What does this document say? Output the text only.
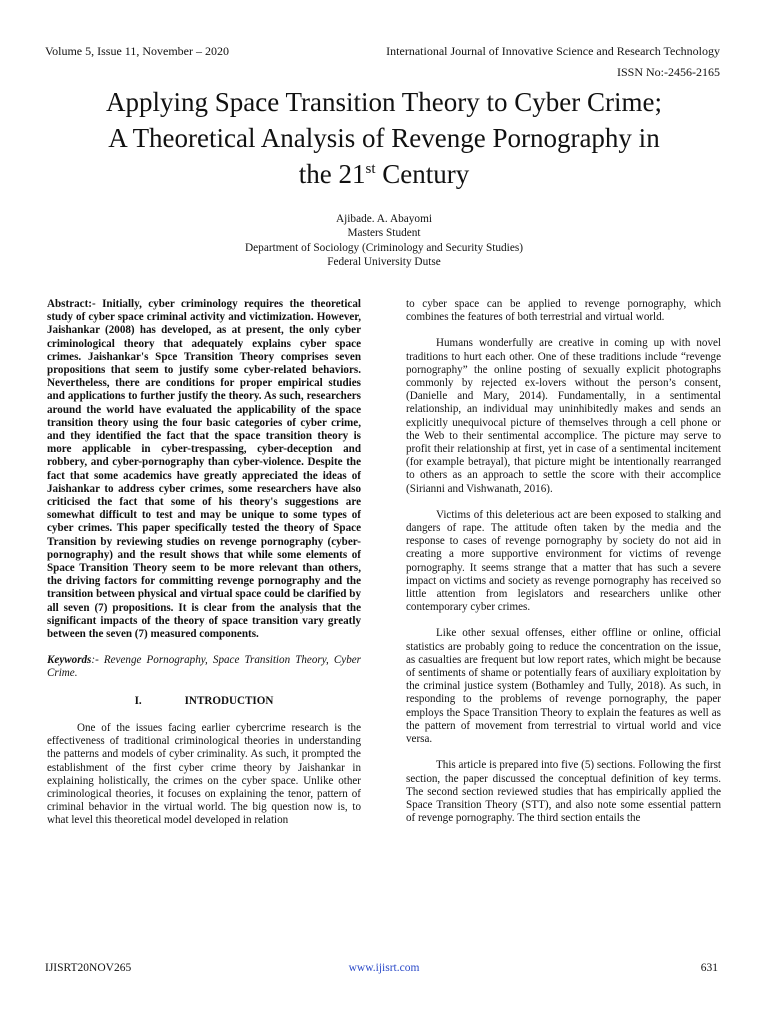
Volume 5, Issue 11, November – 2020	International Journal of Innovative Science and Research Technology
ISSN No:-2456-2165
Applying Space Transition Theory to Cyber Crime;
A Theoretical Analysis of Revenge Pornography in
the 21st Century
Ajibade. A. Abayomi
Masters Student
Department of Sociology (Criminology and Security Studies)
Federal University Dutse

Abstract:- Initially, cyber criminology requires the theoretical study of cyber space criminal activity and victimization. However, Jaishankar (2008) has developed, as at present, the only cyber criminological theory that adequately explains cyber space crimes. Jaishankar's Spce Transition Theory comprises seven propositions that seem to justify some cyber-related behaviors. Nevertheless, there are conditions for proper empirical studies and applications to further justify the theory. As such, researchers around the world have evaluated the applicability of the space transition theory using the four basic categories of cyber crime, and they identified the fact that the space transition theory is more applicable in cyber-trespassing, cyber-deception and robbery, and cyber-pornography than cyber-violence. Despite the fact that some academics have greatly appreciated the ideas of Jaishankar to address cyber crimes, some researchers have also criticised the fact that some of his theory's suggestions are somewhat difficult to test and may be unique to some types of cyber crimes. This paper specifically tested the theory of Space Transition by reviewing studies on revenge pornography (cyber-pornography) and the result shows that while some elements of Space Transition Theory seem to be more relevant than others, the driving factors for committing revenge pornography and the transition between physical and virtual space could be clarified by all seven (7) propositions. It is clear from the analysis that the significant impacts of the theory of space transition vary greatly between the seven (7) measured components.

Keywords:- Revenge Pornography, Space Transition Theory, Cyber Crime.

I.	INTRODUCTION

One of the issues facing earlier cybercrime research is the effectiveness of traditional criminological theories in understanding the patterns and models of cyber criminality. As such, it prompted the establishment of the first cyber crime theory by Jaishankar in explaining holistically, the crimes on the cyber space. Unlike other criminological theories, it focuses on explaining the tenor, pattern of criminal behavior in the virtual world. The big question now is, to what level this theoretical model developed in relation

to cyber space can be applied to revenge pornography, which combines the features of both terrestrial and virtual world.

Humans wonderfully are creative in coming up with novel traditions to hurt each other. One of these traditions include “revenge pornography” the online posting of sexually explicit photographs commonly by rejected ex-lovers without the person’s consent, (Danielle and Mary, 2014). Fundamentally, in a sentimental relationship, an individual may uninhibitedly makes and sends an explicitly unequivocal picture of themselves through a cell phone or the Web to their sentimental accomplice. The picture may serve to profit their relationship at first, yet in case of a sentimental incitement (for example betrayal), that picture might be intentionally rearranged to others as an approach to settle the score with their accomplice (Sirianni and Vishwanath, 2016).

Victims of this deleterious act are been exposed to stalking and dangers of rape. The attitude often taken by the media and the response to cases of revenge pornography by society do not aid in creating a more supportive environment for victims of revenge pornography. It seems strange that a matter that has such a severe impact on victims and society as revenge pornography has received so little attention from legislators and researchers unlike other contemporary cyber crimes.

Like other sexual offenses, either offline or online, official statistics are probably going to reduce the concentration on the issue, as casualties are frequent but low report rates, which might be because of sentiments of shame or potentially fears of auxiliary exploitation by the criminal justice system (Bothamley and Tully, 2018). As such, in responding to the problems of revenge pornography, the paper employs the Space Transition Theory to explain the features as well as the pattern of movement from terrestrial to virtual world and vice versa.

This article is prepared into five (5) sections. Following the first section, the paper discussed the conceptual definition of key terms. The second section reviewed studies that has empirically applied the Space Transition Theory (STT), and also note some essential pattern of revenge pornography. The third section entails the

IJISRT20NOV265	www.ijisrt.com	631
